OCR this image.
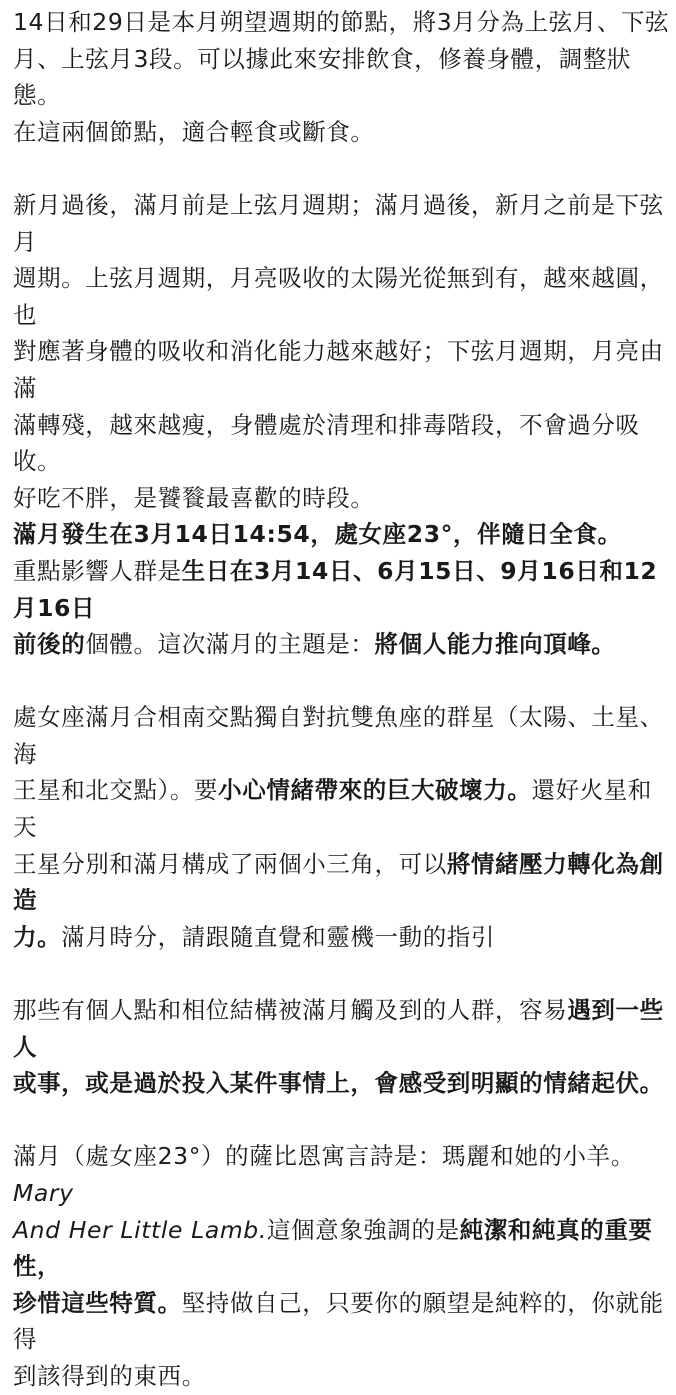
14日和29日是本月朔望週期的節點，將3月分為上弦月、下弦
月、上弦月3段。可以據此來安排飲食，修養身體，調整狀態。
在這兩個節點，適合輕食或斷食。

新月過後，滿月前是上弦月週期；滿月過後，新月之前是下弦月
週期。上弦月週期，月亮吸收的太陽光從無到有，越來越圓，也
對應著身體的吸收和消化能力越來越好；下弦月週期，月亮由滿
滿轉殘，越來越瘦，身體處於清理和排毒階段，不會過分吸收。
好吃不胖，是饕餮最喜歡的時段。

滿月發生在3月14日14:54，處女座23°，伴隨日全食。
重點影響人群是生日在3月14日、6月15日、9月16日和12月16日
前後的個體。這次滿月的主題是：將個人能力推向頂峰。

處女座滿月合相南交點獨自對抗雙魚座的群星（太陽、土星、海
王星和北交點）。要小心情緒帶來的巨大破壞力。還好火星和天
王星分別和滿月構成了兩個小三角，可以將情緒壓力轉化為創造
力。滿月時分，請跟隨直覺和靈機一動的指引

那些有個人點和相位結構被滿月觸及到的人群，容易遇到一些人
或事，或是過於投入某件事情上，會感受到明顯的情緒起伏。

滿月（處女座23°）的薩比恩寓言詩是：瑪麗和她的小羊。Mary
And Her Little Lamb.這個意象強調的是純潔和純真的重要性，
珍惜這些特質。堅持做自己，只要你的願望是純粹的，你就能得
到該得到的東西。
